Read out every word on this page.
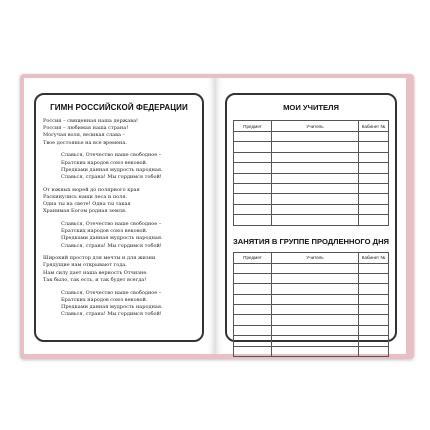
ГИМН РОССИЙСКОЙ ФЕДЕРАЦИИ
Россия – священная наша держава!
Россия – любимая наша страна!
Могучая воля, великая слава –
Твое достоянье на все времена.
Славься, Отечество наше свободное –
Братских народов союз вековой.
Предками данная мудрость народная.
Славься, страна! Мы гордимся тобой!
От южных морей до полярного края
Раскинулись наши леса и поля.
Одна ты на свете! Одна ты такая
Хранимая Богом родная земля.
Славься, Отечество наше свободное –
Братских народов союз вековой.
Предками данная мудрость народная.
Славься, страна! Мы гордимся тобой!
Широкий простор для мечты и для жизни
Грядущие нам открывают года.
Нам силу дает наша верность Отчизне.
Так было, так есть, и так будет всегда!
Славься, Отечество наше свободное –
Братских народов союз вековой.
Предками данная мудрость народная.
Славься, страна! Мы гордимся тобой!
МОИ УЧИТЕЛЯ
Предмет	Учитель	Кабинет №

ЗАНЯТИЯ В ГРУППЕ ПРОДЛЕННОГО ДНЯ
Предмет	Учитель	Кабинет №
